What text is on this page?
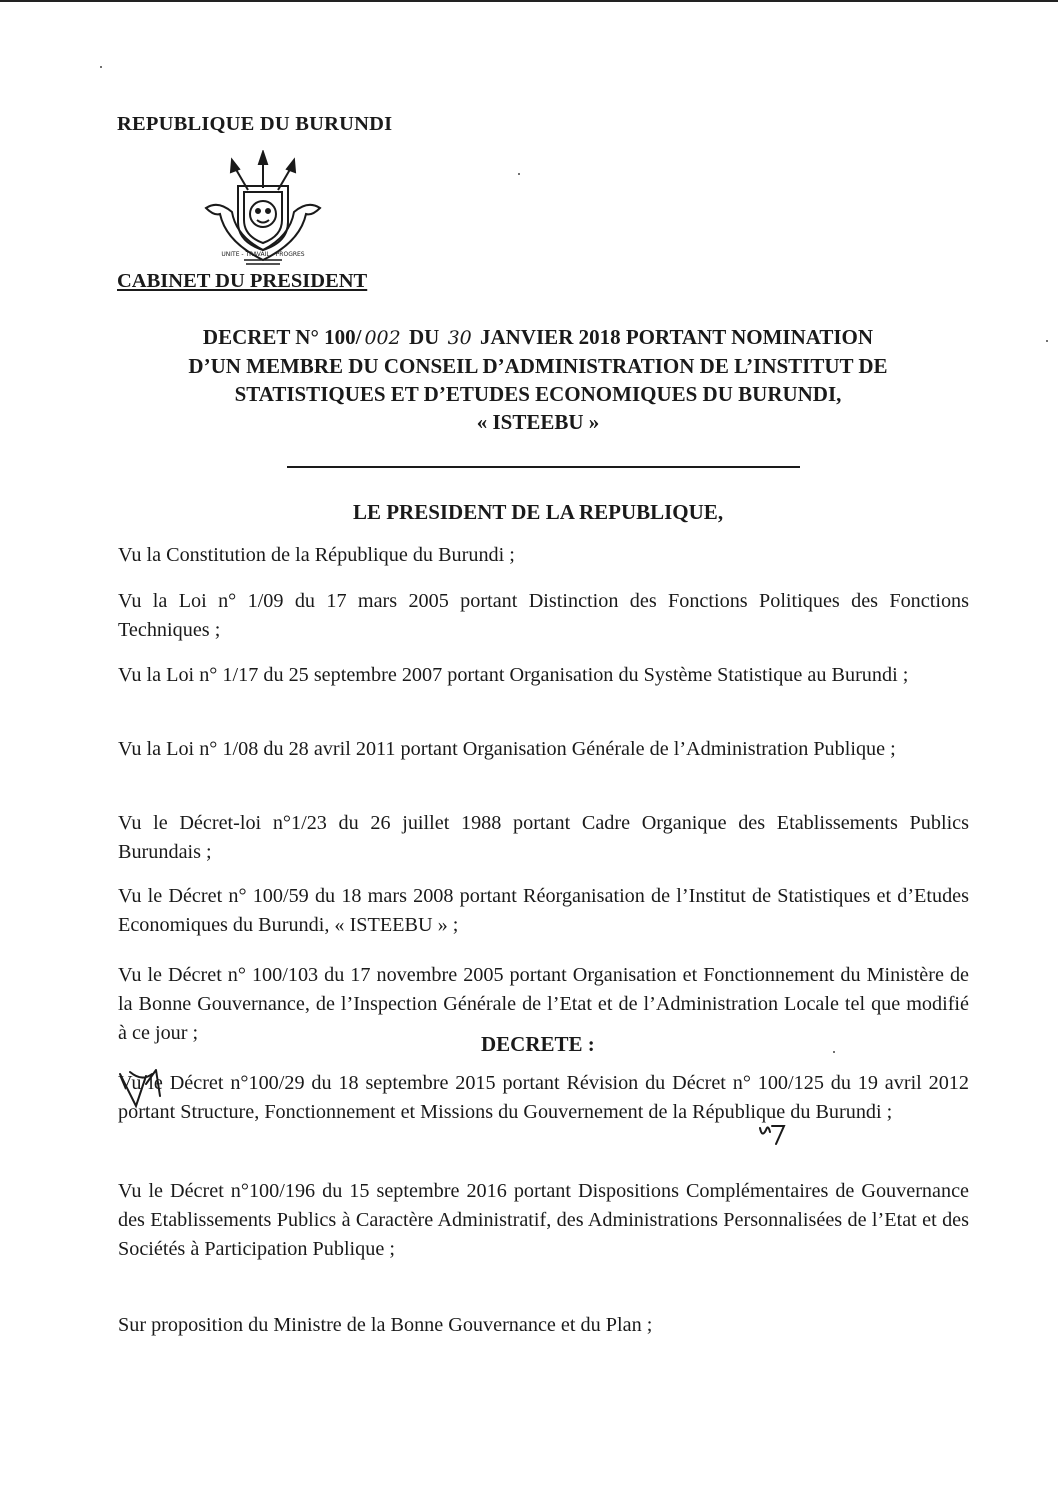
REPUBLIQUE DU BURUNDI
UNITE - TRAVAIL - PROGRES
CABINET DU PRESIDENT
DECRET N° 100/ 002 DU 30 JANVIER 2018 PORTANT NOMINATION
D’UN MEMBRE DU CONSEIL D’ADMINISTRATION DE L’INSTITUT DE
STATISTIQUES ET D’ETUDES ECONOMIQUES DU BURUNDI,
« ISTEEBU »
LE PRESIDENT DE LA REPUBLIQUE,

Vu la Constitution de la République du Burundi ;

Vu la Loi n° 1/09 du 17 mars 2005 portant Distinction des Fonctions Politiques des Fonctions Techniques ;

Vu la Loi n° 1/17 du 25 septembre 2007 portant Organisation du Système Statistique au Burundi ;

Vu la Loi n° 1/08 du 28 avril 2011 portant Organisation Générale de l’Administration Publique ;

Vu le Décret-loi n°1/23 du 26 juillet 1988 portant Cadre Organique des Etablissements Publics Burundais ;

Vu le Décret n° 100/59 du 18 mars 2008 portant Réorganisation de l’Institut de Statistiques et d’Etudes Economiques du Burundi, « ISTEEBU » ;

Vu le Décret n° 100/103 du 17 novembre 2005 portant Organisation et Fonctionnement du Ministère de la Bonne Gouvernance, de l’Inspection Générale de l’Etat et de l’Administration Locale tel que modifié à ce jour ;

Vu le Décret n°100/29 du 18 septembre 2015 portant Révision du Décret n° 100/125 du 19 avril 2012 portant Structure, Fonctionnement et Missions du Gouvernement de la République du Burundi ;

Vu le Décret n°100/196 du 15 septembre 2016 portant Dispositions Complémentaires de Gouvernance des Etablissements Publics à Caractère Administratif, des Administrations Personnalisées de l’Etat et des Sociétés à Participation Publique ;

Sur proposition du Ministre de la Bonne Gouvernance et du Plan ;

DECRETE :
